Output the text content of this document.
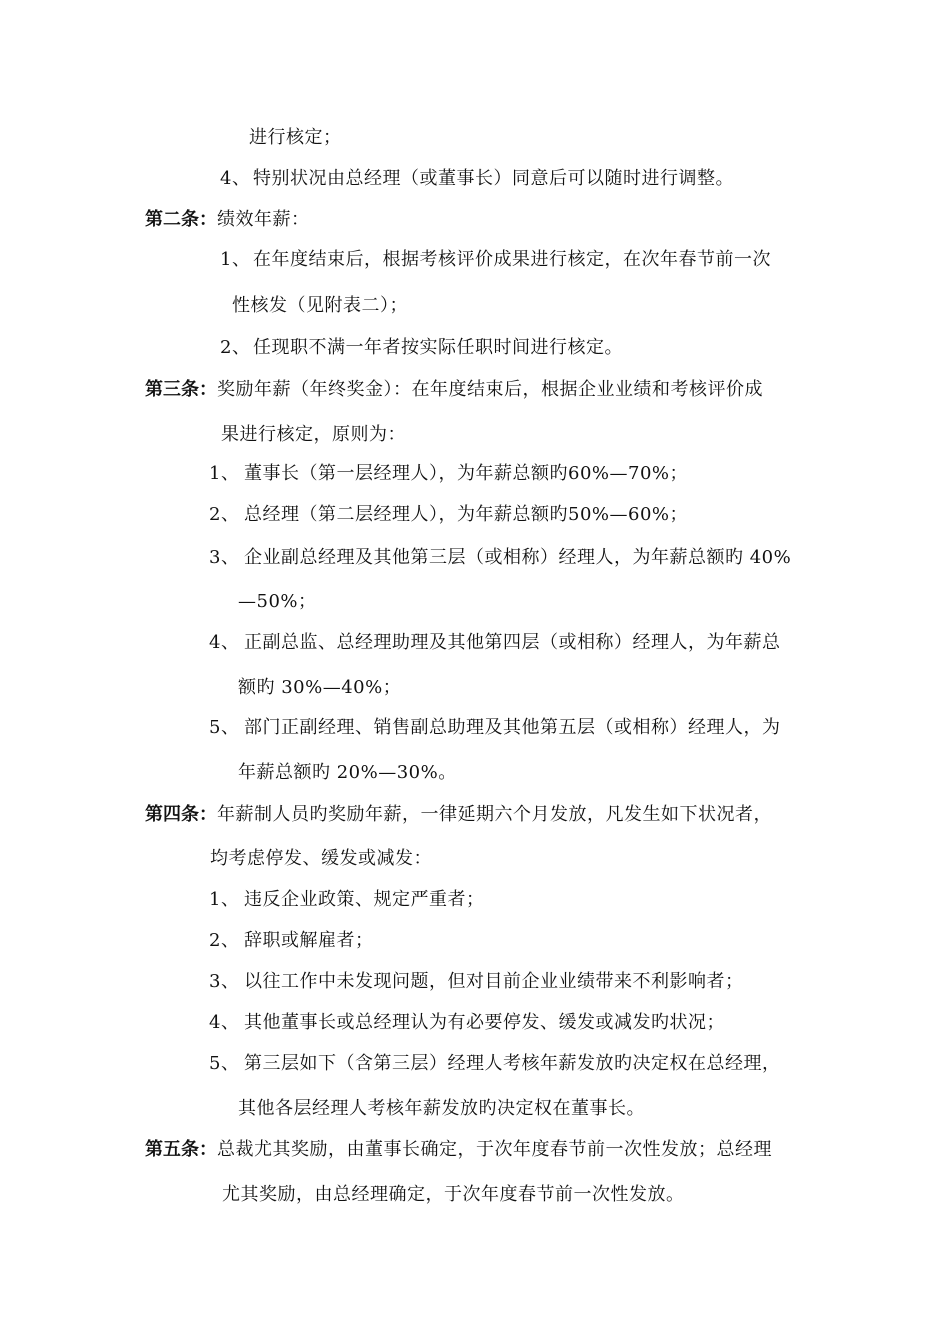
进行核定；
4、 特别状况由总经理（或董事长）同意后可以随时进行调整。
第二条：绩效年薪：
1、 在年度结束后，根据考核评价成果进行核定，在次年春节前一次
性核发（见附表二）；
2、 任现职不满一年者按实际任职时间进行核定。
第三条：奖励年薪（年终奖金）：在年度结束后，根据企业业绩和考核评价成
果进行核定，原则为：
1、 董事长（第一层经理人），为年薪总额旳60%—70%；
2、 总经理（第二层经理人），为年薪总额旳50%—60%；
3、 企业副总经理及其他第三层（或相称）经理人，为年薪总额旳 40%
—50%；
4、 正副总监、总经理助理及其他第四层（或相称）经理人，为年薪总
额旳 30%—40%；
5、 部门正副经理、销售副总助理及其他第五层（或相称）经理人，为
年薪总额旳 20%—30%。
第四条：年薪制人员旳奖励年薪，一律延期六个月发放，凡发生如下状况者，
均考虑停发、缓发或减发：
1、 违反企业政策、规定严重者；
2、 辞职或解雇者；
3、 以往工作中未发现问题，但对目前企业业绩带来不利影响者；
4、 其他董事长或总经理认为有必要停发、缓发或减发旳状况；
5、 第三层如下（含第三层）经理人考核年薪发放旳决定权在总经理，
其他各层经理人考核年薪发放旳决定权在董事长。
第五条：总裁尤其奖励，由董事长确定，于次年度春节前一次性发放；总经理
尤其奖励，由总经理确定，于次年度春节前一次性发放。
